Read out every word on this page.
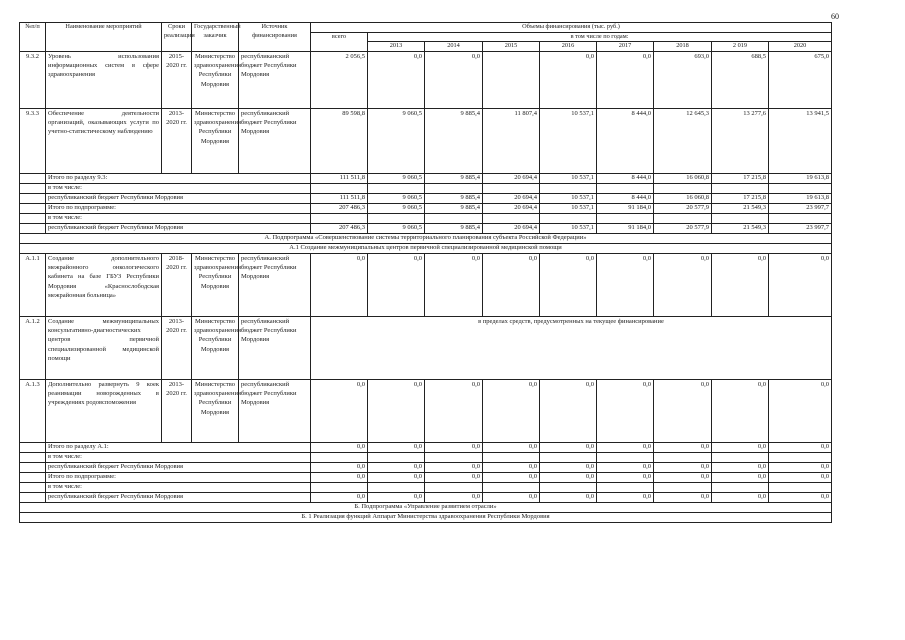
60
№п/п	Наименование мероприятий	Сроки реализации	Государственный заказчик	Источник финансирования	Объемы финансирования (тыс. руб.)								
					всего	в том числе по годам:							
						2013	2014	2015	2016	2017	2018	2 019	2020
9.3.2	Уровень использования информационных систем в сфере здравоохранения	2015-2020 гг.	Министерство здравоохранения Республики Мордовия	республиканский бюджет Республики Мордовия	2 056,5	0,0	0,0		0,0	0,0	693,0	688,5	675,0
9.3.3	Обеспечение деятельности организаций, оказывающих услуги по учетно-статистическому наблюдению	2013-2020 гг.	Министерство здравоохранения Республики Мордовия	республиканский бюджет Республики Мордовия	89 598,8	9 060,5	9 885,4	11 807,4	10 537,1	8 444,0	12 645,3	13 277,6	13 941,5
	Итого по разделу 9.3:				111 511,8	9 060,5	9 885,4	20 694,4	10 537,1	8 444,0	16 060,8	17 215,8	19 613,8
	в том числе:												
	республиканский бюджет Республики Мордовия				111 511,8	9 060,5	9 885,4	20 694,4	10 537,1	8 444,0	16 060,8	17 215,8	19 613,8
	Итого по подпрограмме:				207 486,3	9 060,5	9 885,4	20 694,4	10 537,1	91 184,0	20 577,9	21 549,3	23 997,7
	в том числе:												
	республиканский бюджет Республики Мордовия				207 486,3	9 060,5	9 885,4	20 694,4	10 537,1	91 184,0	20 577,9	21 549,3	23 997,7
А. Подпрограмма «Совершенствование системы территориального планирования субъекта Российской Федерации»													
А.1 Создание межмуниципальных центров первичной специализированной медицинской помощи													
А.1.1	Создание дополнительного межрайонного онкологического кабинета на базе ГБУЗ Республики Мордовия «Краснослободская межрайонная больница»	2018-2020 гг.	Министерство здравоохранения Республики Мордовия	республиканский бюджет Республики Мордовия	0,0	0,0	0,0	0,0	0,0	0,0	0,0	0,0	0,0
А.1.2	Создание межмуниципальных консультативно-диагностических центров первичной специализированной медицинской помощи	2013-2020 гг.	Министерство здравоохранения Республики Мордовия	республиканский бюджет Республики Мордовия	в пределах средств, предусмотренных на текущее финансирование								
А.1.3	Дополнительно развернуть 9 коек реанимации новорожденных в учреждениях родовспоможения	2013-2020 гг.	Министерство здравоохранения Республики Мордовия	республиканский бюджет Республики Мордовия	0,0	0,0	0,0	0,0	0,0	0,0	0,0	0,0	0,0
	Итого по разделу А.1:				0,0	0,0	0,0	0,0	0,0	0,0	0,0	0,0	0,0
	в том числе:												
	республиканский бюджет Республики Мордовия				0,0	0,0	0,0	0,0	0,0	0,0	0,0	0,0	0,0
	Итого по подпрограмме:				0,0	0,0	0,0	0,0	0,0	0,0	0,0	0,0	0,0
	в том числе:												
	республиканский бюджет Республики Мордовия				0,0	0,0	0,0	0,0	0,0	0,0	0,0	0,0	0,0
Б. Подпрограмма «Управление развитием отрасли»													
Б. 1 Реализация функций Аппарат Министерства здравоохранения Республики Мордовия													
